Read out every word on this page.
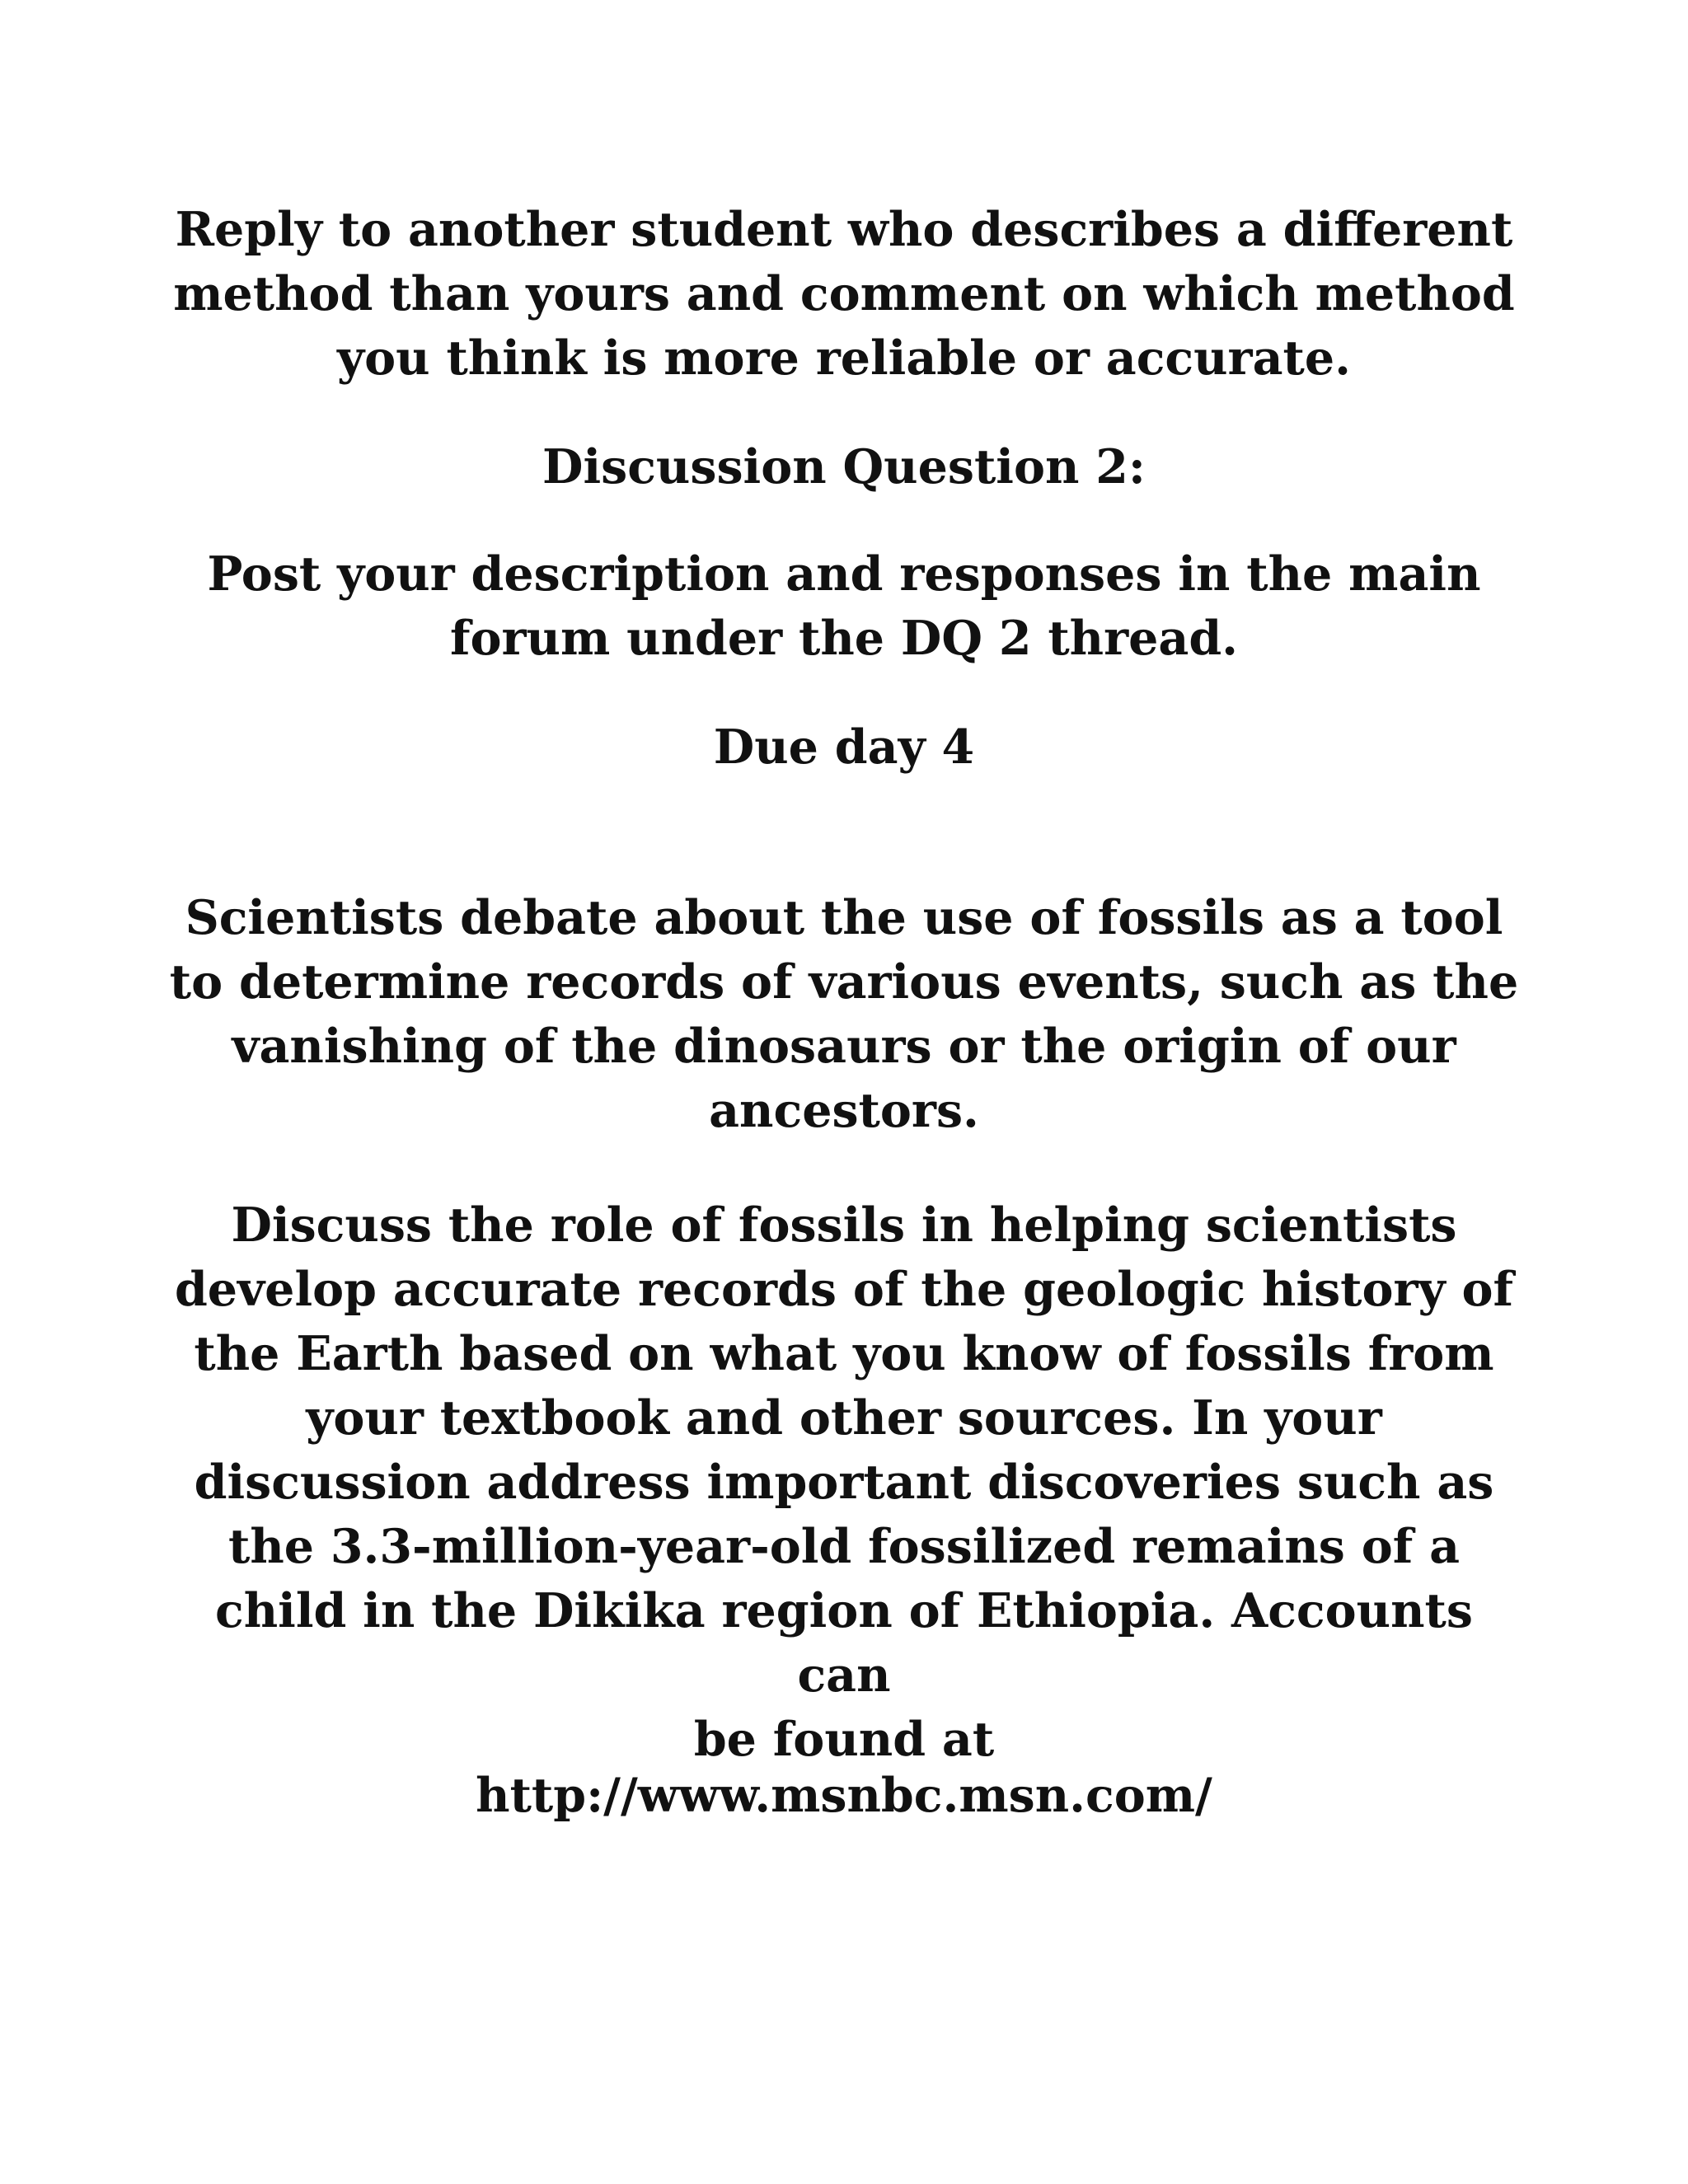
Reply to another student who describes a different
method than yours and comment on which method
you think is more reliable or accurate.

Discussion Question 2:

Post your description and responses in the main
forum under the DQ 2 thread.

Due day 4

Scientists debate about the use of fossils as a tool
to determine records of various events, such as the
vanishing of the dinosaurs or the origin of our
ancestors.

Discuss the role of fossils in helping scientists
develop accurate records of the geologic history of
the Earth based on what you know of fossils from
your textbook and other sources. In your
discussion address important discoveries such as
the 3.3-million-year-old fossilized remains of a
child in the Dikika region of Ethiopia. Accounts can
be found at

http://www.msnbc.msn.com/
